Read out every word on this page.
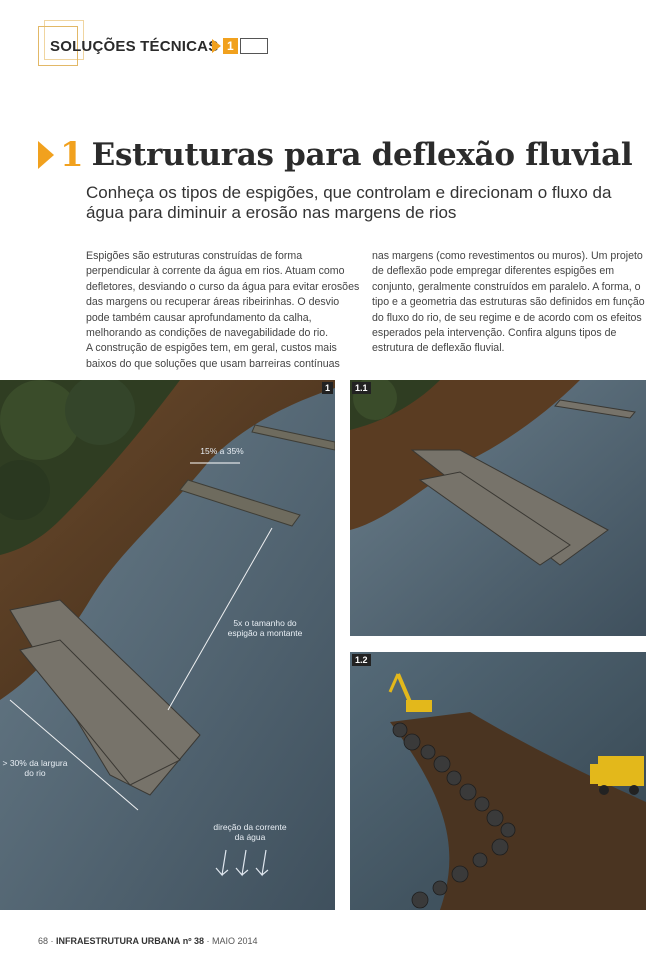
SOLUÇÕES TÉCNICAS 1
1 Estruturas para deflexão fluvial
Conheça os tipos de espigões, que controlam e direcionam o fluxo da água para diminuir a erosão nas margens de rios

Espigões são estruturas construídas de forma perpendicular à corrente da água em rios. Atuam como defletores, desviando o curso da água para evitar erosões das margens ou recuperar áreas ribeirinhas. O desvio pode também causar aprofundamento da calha, melhorando as condições de navegabilidade do rio.

A construção de espigões tem, em geral, custos mais baixos do que soluções que usam barreiras contínuas

nas margens (como revestimentos ou muros). Um projeto de deflexão pode empregar diferentes espigões em conjunto, geralmente construídos em paralelo. A forma, o tipo e a geometria das estruturas são definidos em função do fluxo do rio, de seu regime e de acordo com os efeitos esperados pela intervenção. Confira alguns tipos de estrutura de deflexão fluvial.

1
15% a 35%
5x o tamanho do espigão a montante
> 30% da largura do rio
direção da corrente da água
1.1
1.2
68 · INFRAESTRUTURA URBANA nº 38 · MAIO 2014
